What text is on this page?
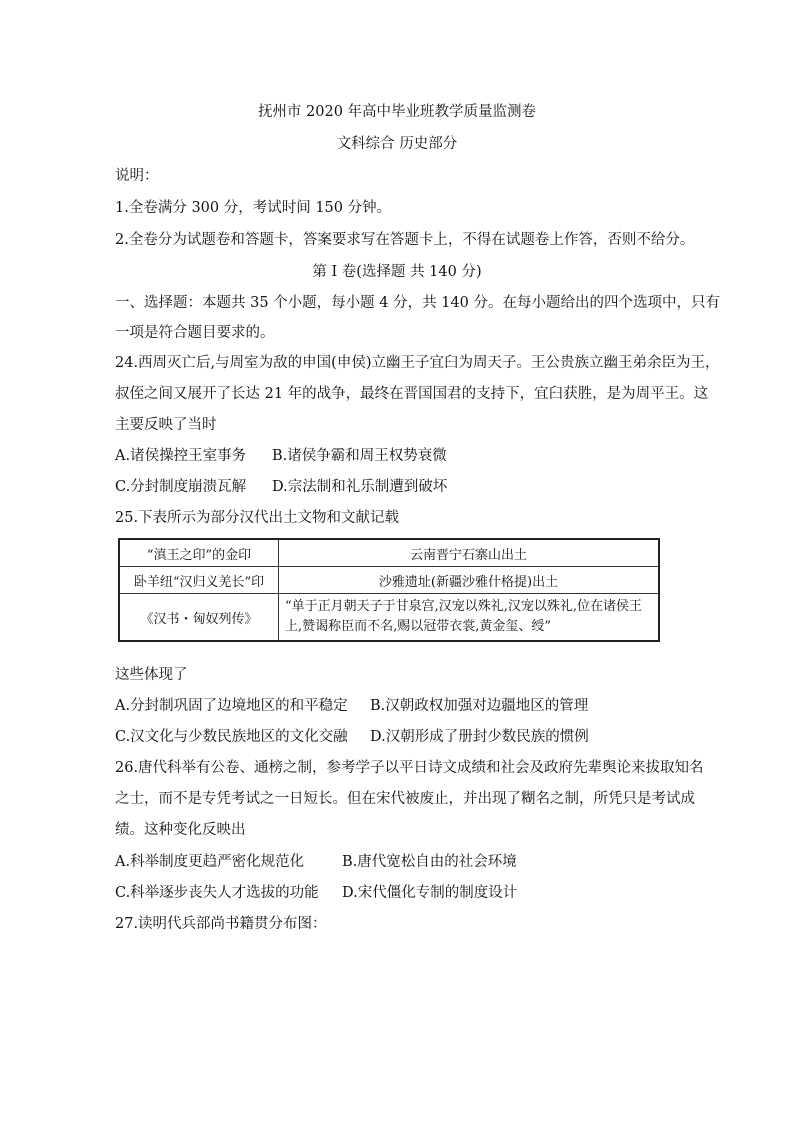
抚州市 2020 年高中毕业班教学质量监测卷
文科综合 历史部分
说明：
1.全卷满分 300 分，考试时间 150 分钟。
2.全卷分为试题卷和答题卡，答案要求写在答题卡上，不得在试题卷上作答，否则不给分。
第 I 卷(选择题 共 140 分)
一、选择题：本题共 35 个小题，每小题 4 分，共 140 分。在每小题给出的四个选项中，只有
一项是符合题目要求的。
24.西周灭亡后,与周室为敌的申国(申侯)立幽王子宜臼为周天子。王公贵族立幽王弟余臣为王，
叔侄之间又展开了长达 21 年的战争，最终在晋国国君的支持下，宜臼获胜，是为周平王。这
主要反映了当时
A.诸侯操控王室事务 B.诸侯争霸和周王权势衰微
C.分封制度崩溃瓦解 D.宗法制和礼乐制遭到破坏
25.下表所示为部分汉代出土文物和文献记载
“滇王之印”的金印	云南晋宁石寨山出土
卧羊纽“汉归义羌长”印	沙雅遗址(新疆沙雅什格提)出土
《汉书・匈奴列传》	“单于正月朝天子于甘泉宫,汉宠以殊礼,汉宠以殊礼,位在诸侯王上,赞谒称臣而不名,赐以冠带衣裳,黄金玺、绶”
这些体现了
A.分封制巩固了边境地区的和平稳定 B.汉朝政权加强对边疆地区的管理
C.汉文化与少数民族地区的文化交融 D.汉朝形成了册封少数民族的惯例
26.唐代科举有公卷、通榜之制，参考学子以平日诗文成绩和社会及政府先辈舆论来拔取知名
之士，而不是专凭考试之一日短长。但在宋代被废止，并出现了糊名之制，所凭只是考试成
绩。这种变化反映出
A.科举制度更趋严密化规范化	B.唐代宽松自由的社会环境
C.科举逐步丧失人才选拔的功能 D.宋代僵化专制的制度设计
27.读明代兵部尚书籍贯分布图：
